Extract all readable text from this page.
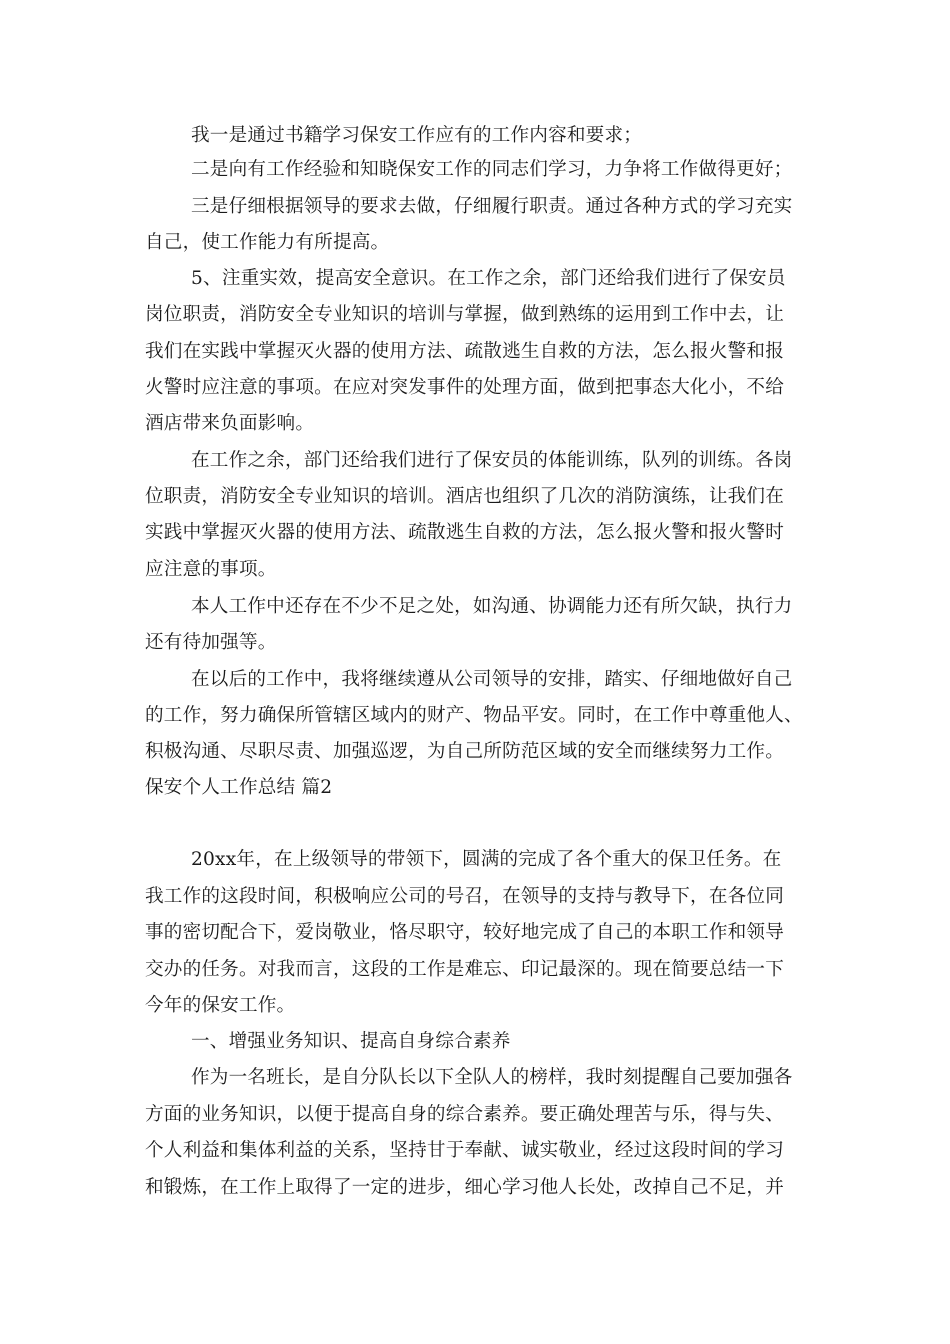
我一是通过书籍学习保安工作应有的工作内容和要求；
二是向有工作经验和知晓保安工作的同志们学习，力争将工作做得更好；
三是仔细根据领导的要求去做，仔细履行职责。通过各种方式的学习充实
自己，使工作能力有所提高。
5、注重实效，提高安全意识。在工作之余，部门还给我们进行了保安员
岗位职责，消防安全专业知识的培训与掌握，做到熟练的运用到工作中去，让
我们在实践中掌握灭火器的使用方法、疏散逃生自救的方法，怎么报火警和报
火警时应注意的事项。在应对突发事件的处理方面，做到把事态大化小，不给
酒店带来负面影响。
在工作之余，部门还给我们进行了保安员的体能训练，队列的训练。各岗
位职责，消防安全专业知识的培训。酒店也组织了几次的消防演练，让我们在
实践中掌握灭火器的使用方法、疏散逃生自救的方法，怎么报火警和报火警时
应注意的事项。
本人工作中还存在不少不足之处，如沟通、协调能力还有所欠缺，执行力
还有待加强等。
在以后的工作中，我将继续遵从公司领导的安排，踏实、仔细地做好自己
的工作，努力确保所管辖区域内的财产、物品平安。同时，在工作中尊重他人、
积极沟通、尽职尽责、加强巡逻，为自己所防范区域的安全而继续努力工作。
保安个人工作总结 篇2
20xx年，在上级领导的带领下，圆满的完成了各个重大的保卫任务。在
我工作的这段时间，积极响应公司的号召，在领导的支持与教导下，在各位同
事的密切配合下，爱岗敬业，恪尽职守，较好地完成了自己的本职工作和领导
交办的任务。对我而言，这段的工作是难忘、印记最深的。现在简要总结一下
今年的保安工作。
一、增强业务知识、提高自身综合素养
作为一名班长，是自分队长以下全队人的榜样，我时刻提醒自己要加强各
方面的业务知识，以便于提高自身的综合素养。要正确处理苦与乐，得与失、
个人利益和集体利益的关系，坚持甘于奉献、诚实敬业，经过这段时间的学习
和锻炼，在工作上取得了一定的进步，细心学习他人长处，改掉自己不足，并
